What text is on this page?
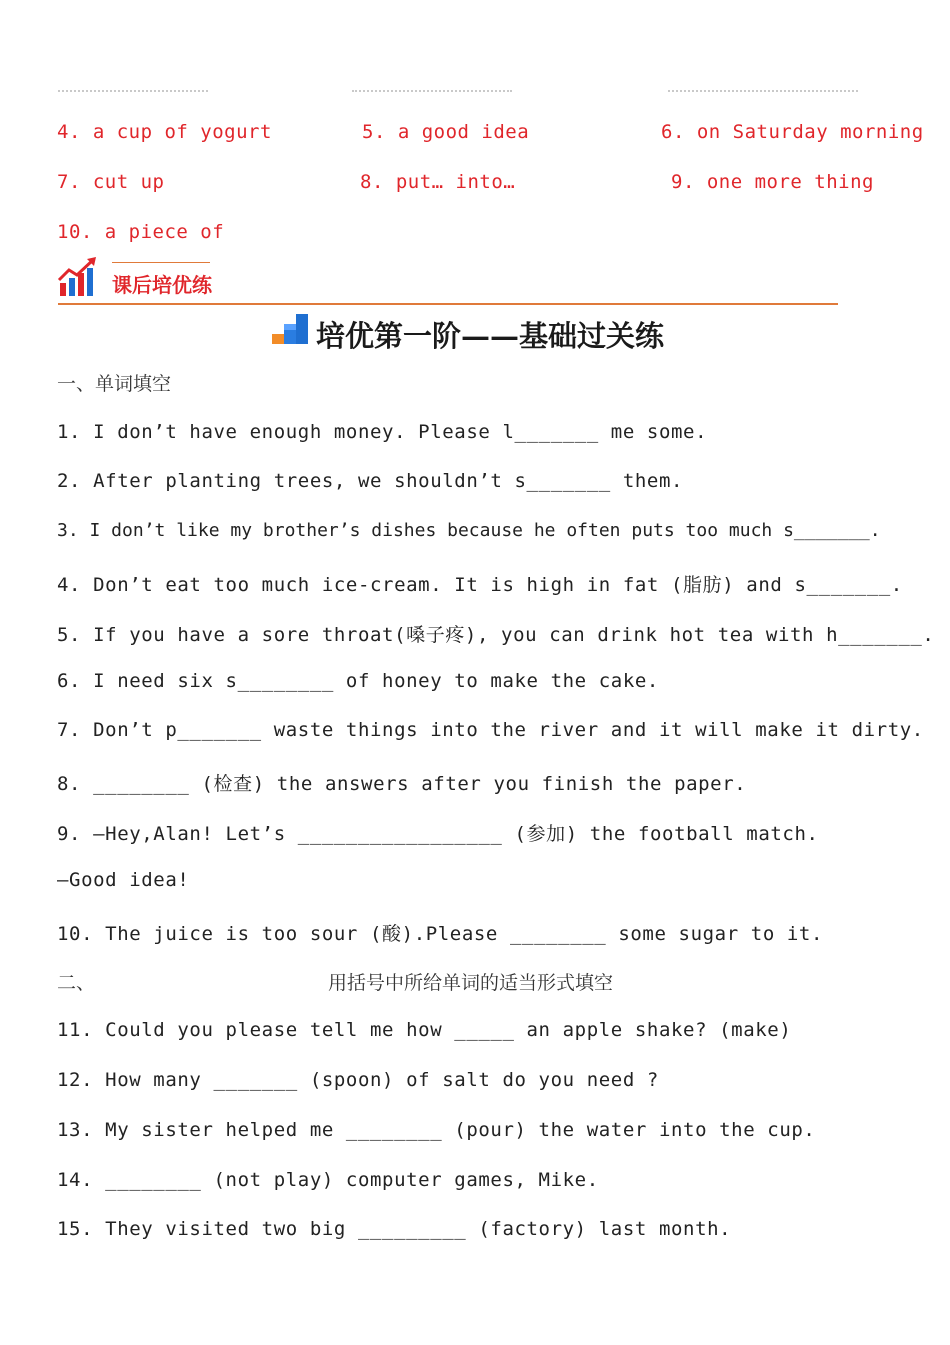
4. a cup of yogurt	5. a good idea	6. on Saturday morning
7. cut up	8. put… into…	9. one more thing
10. a piece of
课后培优练
培优第一阶——基础过关练
一、单词填空
1. I don’t have enough money. Please l_______ me some.
2. After planting trees, we shouldn’t s_______ them.
3. I don’t like my brother’s dishes because he often puts too much s_______.
4. Don’t eat too much ice-cream. It is high in fat (脂肪) and s_______.
5. If you have a sore throat(嗓子疼), you can drink hot tea with h_______.
6. I need six s________ of honey to make the cake.
7. Don’t p_______ waste things into the river and it will make it dirty.
8. ________ (检查) the answers after you finish the paper.
9. —Hey,Alan! Let’s _________________ (参加) the football match.
—Good idea!
10. The juice is too sour (酸).Please ________ some sugar to it.
二、	用括号中所给单词的适当形式填空
11. Could you please tell me how _____ an apple shake? (make)
12. How many _______ (spoon) of salt do you need ?
13. My sister helped me ________ (pour) the water into the cup.
14. ________ (not play) computer games, Mike.
15. They visited two big _________ (factory) last month.
